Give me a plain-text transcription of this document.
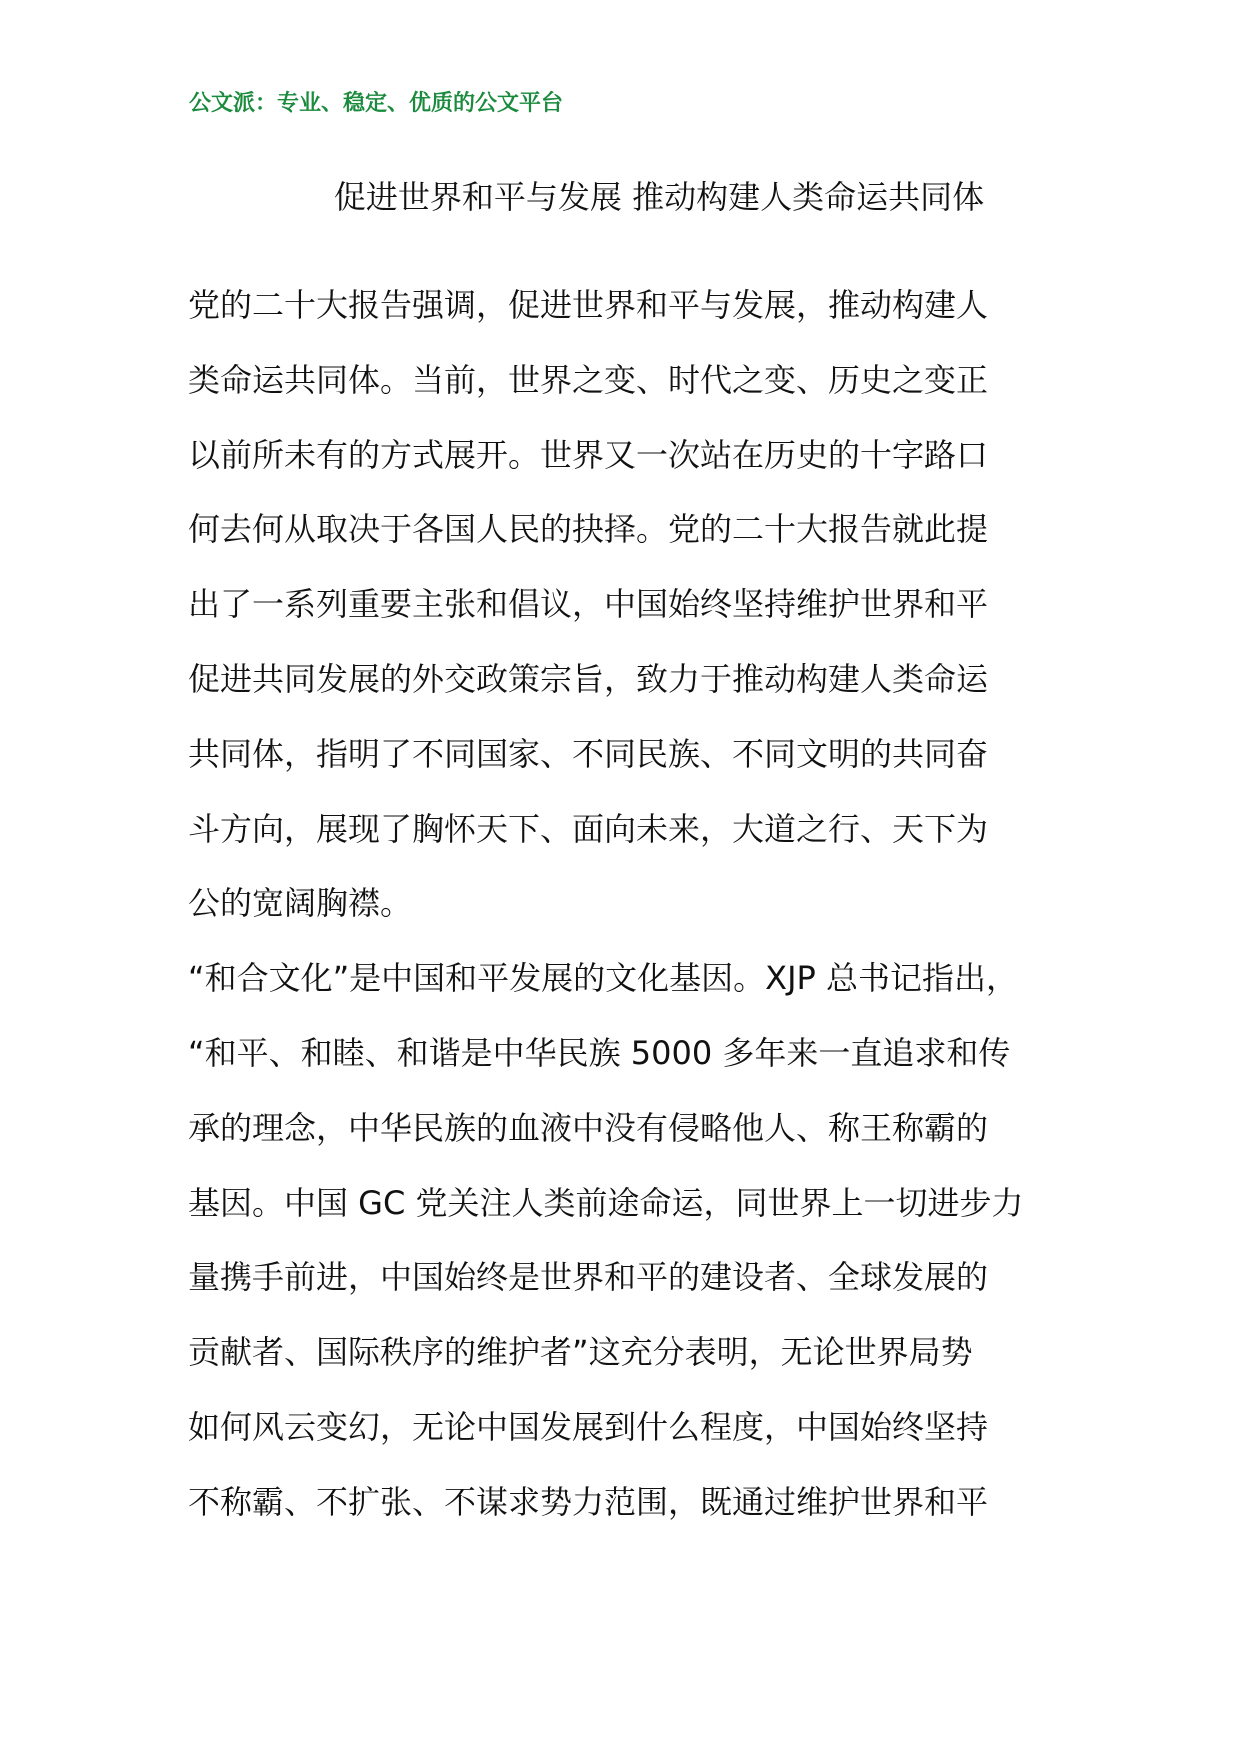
公文派：专业、稳定、优质的公文平台
促进世界和平与发展 推动构建人类命运共同体
党的二十大报告强调，促进世界和平与发展，推动构建人
类命运共同体。当前，世界之变、时代之变、历史之变正
以前所未有的方式展开。世界又一次站在历史的十字路口
何去何从取决于各国人民的抉择。党的二十大报告就此提
出了一系列重要主张和倡议，中国始终坚持维护世界和平
促进共同发展的外交政策宗旨，致力于推动构建人类命运
共同体，指明了不同国家、不同民族、不同文明的共同奋
斗方向，展现了胸怀天下、面向未来，大道之行、天下为
公的宽阔胸襟。
“和合文化”是中国和平发展的文化基因。XJP 总书记指出，
“和平、和睦、和谐是中华民族 5000 多年来一直追求和传
承的理念，中华民族的血液中没有侵略他人、称王称霸的
基因。中国 GC 党关注人类前途命运，同世界上一切进步力
量携手前进，中国始终是世界和平的建设者、全球发展的
贡献者、国际秩序的维护者”这充分表明，无论世界局势
如何风云变幻，无论中国发展到什么程度，中国始终坚持
不称霸、不扩张、不谋求势力范围，既通过维护世界和平
